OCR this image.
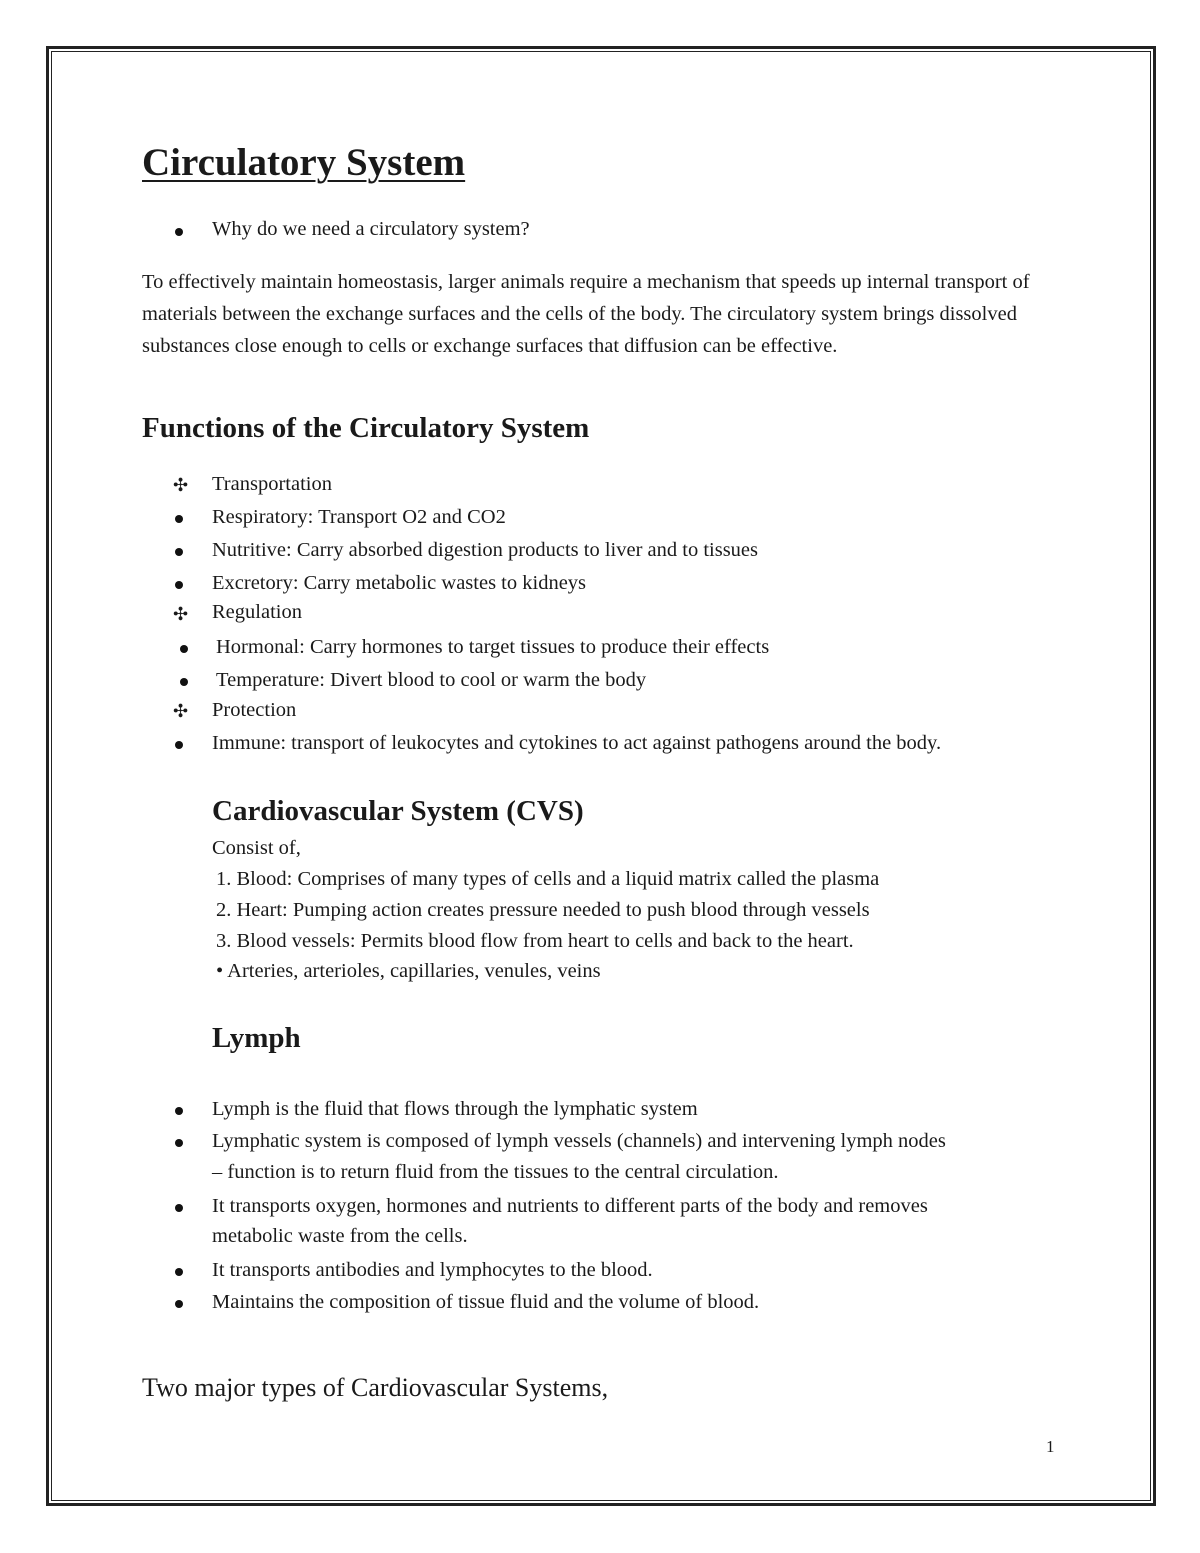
Circulatory System
Why do we need a circulatory system?
To effectively maintain homeostasis, larger animals require a mechanism that speeds up internal transport of materials between the exchange surfaces and the cells of the body. The circulatory system brings dissolved substances close enough to cells or exchange surfaces that diffusion can be effective.
Functions of the Circulatory System
✣ Transportation
Respiratory: Transport O2 and CO2
Nutritive: Carry absorbed digestion products to liver and to tissues
Excretory: Carry metabolic wastes to kidneys
✣ Regulation
Hormonal: Carry hormones to target tissues to produce their effects
Temperature: Divert blood to cool or warm the body
✣ Protection
Immune: transport of leukocytes and cytokines to act against pathogens around the body.
Cardiovascular System (CVS)
Consist of,
1. Blood: Comprises of many types of cells and a liquid matrix called the plasma
2. Heart: Pumping action creates pressure needed to push blood through vessels
3. Blood vessels: Permits blood flow from heart to cells and back to the heart.
• Arteries, arterioles, capillaries, venules, veins
Lymph
Lymph is the fluid that flows through the lymphatic system
Lymphatic system is composed of lymph vessels (channels) and intervening lymph nodes
– function is to return fluid from the tissues to the central circulation.
It transports oxygen, hormones and nutrients to different parts of the body and removes
metabolic waste from the cells.
It transports antibodies and lymphocytes to the blood.
Maintains the composition of tissue fluid and the volume of blood.
Two major types of Cardiovascular Systems,
1
